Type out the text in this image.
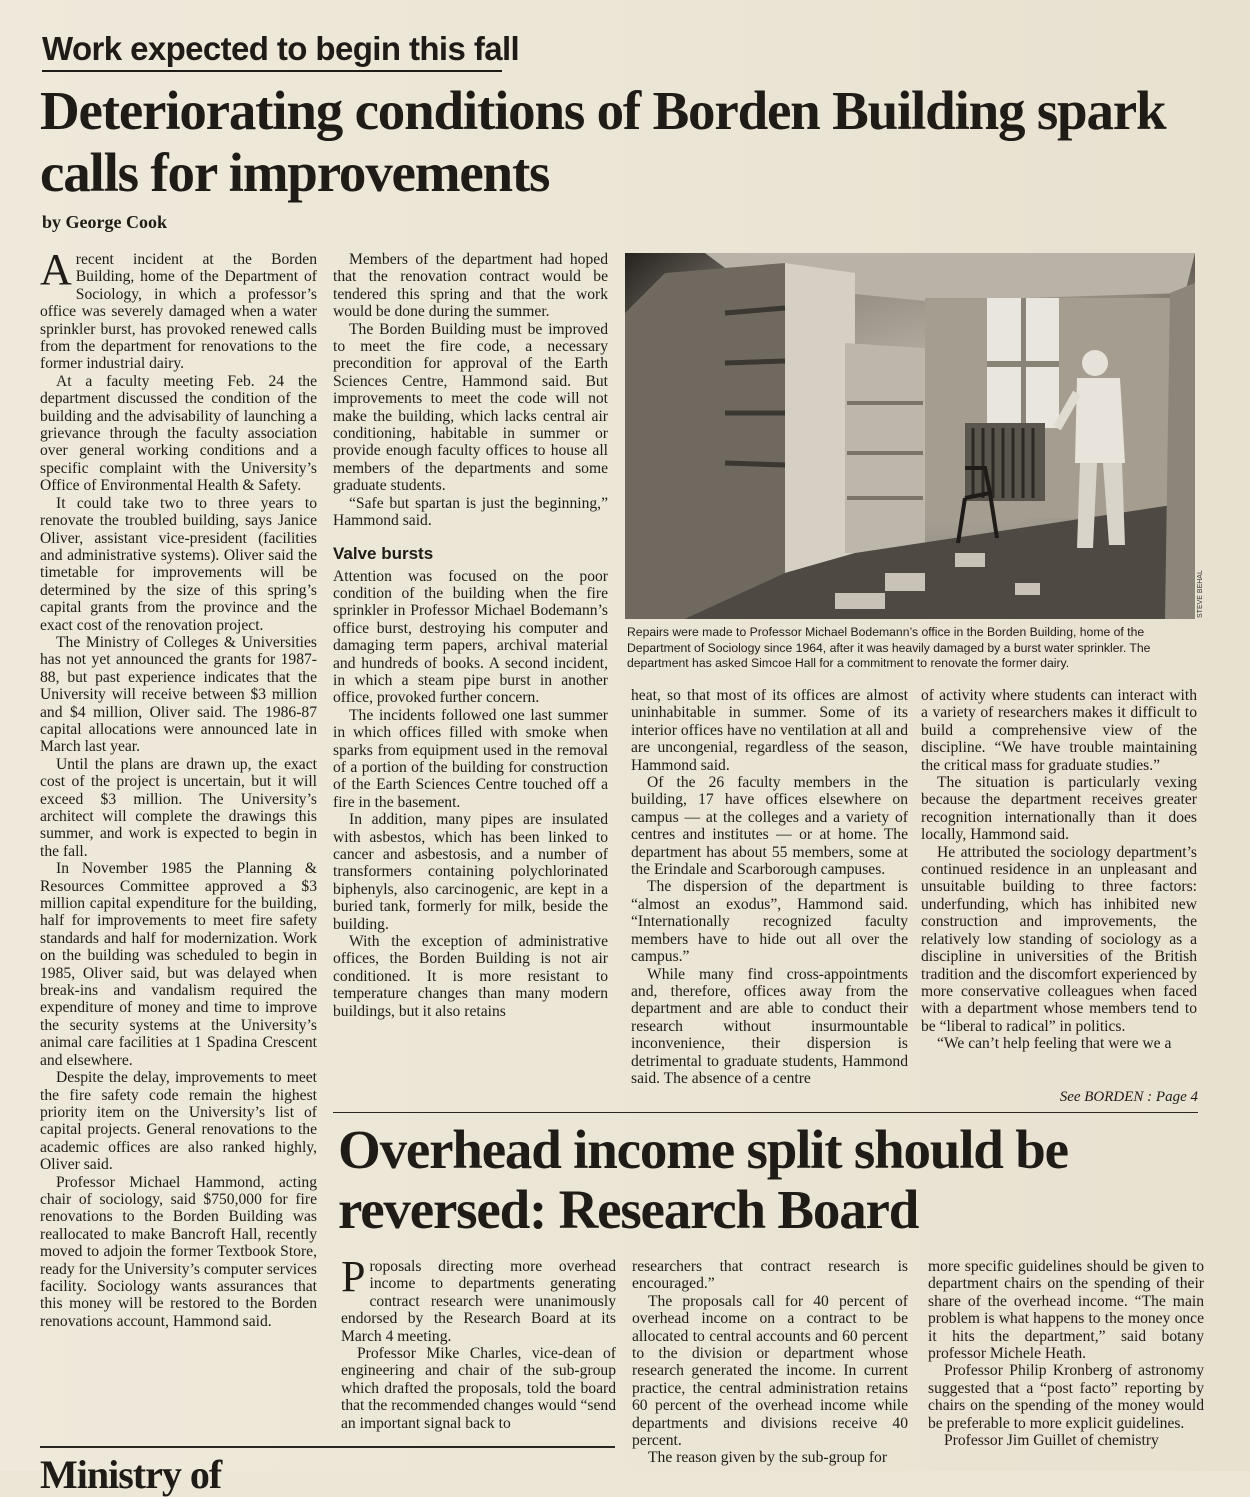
Work expected to begin this fall
Deteriorating conditions of Borden Building spark calls for improvements
by George Cook

Arecent incident at the Borden Building, home of the Department of Sociology, in which a professor’s office was severely damaged when a water sprinkler burst, has provoked renewed calls from the department for renovations to the former industrial dairy.

At a faculty meeting Feb. 24 the department discussed the condition of the building and the advisability of launching a grievance through the faculty association over general working conditions and a specific complaint with the University’s Office of Environmental Health & Safety.

It could take two to three years to renovate the troubled building, says Janice Oliver, assistant vice-president (facilities and administrative systems). Oliver said the timetable for improvements will be determined by the size of this spring’s capital grants from the province and the exact cost of the renovation project.

The Ministry of Colleges & Universities has not yet announced the grants for 1987-88, but past experience indicates that the University will receive between $3 million and $4 million, Oliver said. The 1986-87 capital allocations were announced late in March last year.

Until the plans are drawn up, the exact cost of the project is uncertain, but it will exceed $3 million. The University’s architect will complete the drawings this summer, and work is expected to begin in the fall.

In November 1985 the Planning & Resources Committee approved a $3 million capital expenditure for the building, half for improvements to meet fire safety standards and half for modernization. Work on the building was scheduled to begin in 1985, Oliver said, but was delayed when break-ins and vandalism required the expenditure of money and time to improve the security systems at the University’s animal care facilities at 1 Spadina Crescent and elsewhere.

Despite the delay, improvements to meet the fire safety code remain the highest priority item on the University’s list of capital projects. General renovations to the academic offices are also ranked highly, Oliver said.

Professor Michael Hammond, acting chair of sociology, said $750,000 for fire renovations to the Borden Building was reallocated to make Bancroft Hall, recently moved to adjoin the former Textbook Store, ready for the University’s computer services facility. Sociology wants assurances that this money will be restored to the Borden renovations account, Hammond said.

Members of the department had hoped that the renovation contract would be tendered this spring and that the work would be done during the summer.

The Borden Building must be improved to meet the fire code, a necessary precondition for approval of the Earth Sciences Centre, Hammond said. But improvements to meet the code will not make the building, which lacks central air conditioning, habitable in summer or provide enough faculty offices to house all members of the departments and some graduate students.

“Safe but spartan is just the beginning,” Hammond said.

Valve bursts

Attention was focused on the poor condition of the building when the fire sprinkler in Professor Michael Bodemann’s office burst, destroying his computer and damaging term papers, archival material and hundreds of books. A second incident, in which a steam pipe burst in another office, provoked further concern.

The incidents followed one last summer in which offices filled with smoke when sparks from equipment used in the removal of a portion of the building for construction of the Earth Sciences Centre touched off a fire in the basement.

In addition, many pipes are insulated with asbestos, which has been linked to cancer and asbestosis, and a number of transformers containing polychlorinated biphenyls, also carcinogenic, are kept in a buried tank, formerly for milk, beside the building.

With the exception of administrative offices, the Borden Building is not air conditioned. It is more resistant to temperature changes than many modern buildings, but it also retains

STEVE BEHAL

Repairs were made to Professor Michael Bodemann’s office in the Borden Building, home of the Department of Sociology since 1964, after it was heavily damaged by a burst water sprinkler. The department has asked Simcoe Hall for a commitment to renovate the former dairy.

heat, so that most of its offices are almost uninhabitable in summer. Some of its interior offices have no ventilation at all and are uncongenial, regardless of the season, Hammond said.

Of the 26 faculty members in the building, 17 have offices elsewhere on campus — at the colleges and a variety of centres and institutes — or at home. The department has about 55 members, some at the Erindale and Scarborough campuses.

The dispersion of the department is “almost an exodus”, Hammond said. “Internationally recognized faculty members have to hide out all over the campus.”

While many find cross-appointments and, therefore, offices away from the department and are able to conduct their research without insurmountable inconvenience, their dispersion is detrimental to graduate students, Hammond said. The absence of a centre

of activity where students can interact with a variety of researchers makes it difficult to build a comprehensive view of the discipline. “We have trouble maintaining the critical mass for graduate studies.”

The situation is particularly vexing because the department receives greater recognition internationally than it does locally, Hammond said.

He attributed the sociology department’s continued residence in an unpleasant and unsuitable building to three factors: underfunding, which has inhibited new construction and improvements, the relatively low standing of sociology as a discipline in universities of the British tradition and the discomfort experienced by more conservative colleagues when faced with a department whose members tend to be “liberal to radical” in politics.

“We can’t help feeling that were we a

See BORDEN : Page 4
Overhead income split should be reversed: Research Board

Proposals directing more overhead income to departments generating contract research were unanimously endorsed by the Research Board at its March 4 meeting.

Professor Mike Charles, vice-dean of engineering and chair of the sub-group which drafted the proposals, told the board that the recommended changes would “send an important signal back to

researchers that contract research is encouraged.”

The proposals call for 40 percent of overhead income on a contract to be allocated to central accounts and 60 percent to the division or department whose research generated the income. In current practice, the central administration retains 60 percent of the overhead income while departments and divisions receive 40 percent.

The reason given by the sub-group for

more specific guidelines should be given to department chairs on the spending of their share of the overhead income. “The main problem is what happens to the money once it hits the department,” said botany professor Michele Heath.

Professor Philip Kronberg of astronomy suggested that a “post facto” reporting by chairs on the spending of the money would be preferable to more explicit guidelines.

Professor Jim Guillet of chemistry

Ministry of
